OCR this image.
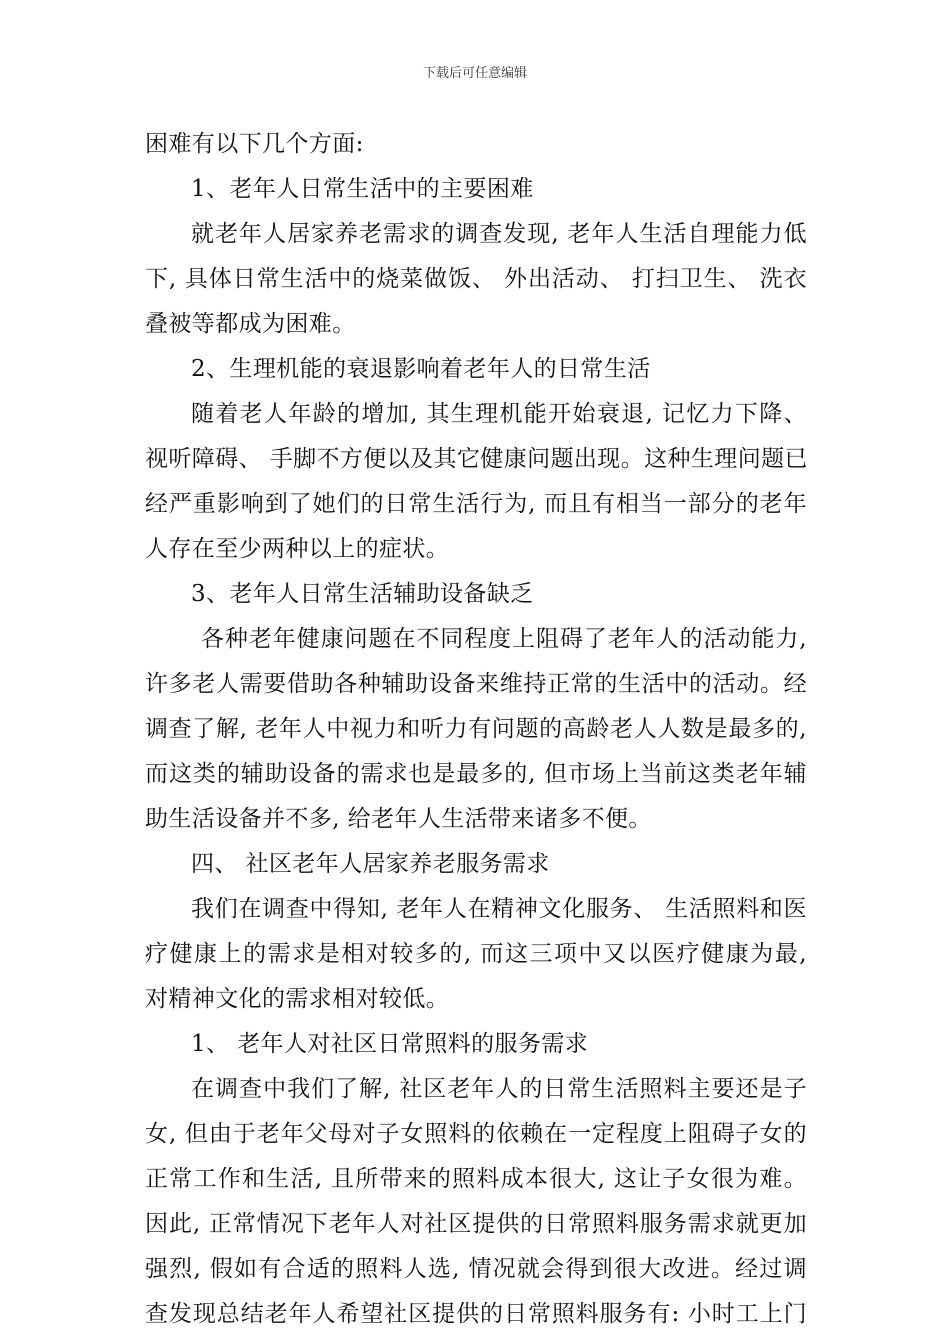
下载后可任意编辑
困难有以下几个方面:
1、老年人日常生活中的主要困难
就老年人居家养老需求的调查发现, 老年人生活自理能力低
下, 具体日常生活中的烧菜做饭、 外出活动、 打扫卫生、 洗衣
叠被等都成为困难。
2、生理机能的衰退影响着老年人的日常生活
随着老人年龄的增加, 其生理机能开始衰退, 记忆力下降、
视听障碍、 手脚不方便以及其它健康问题出现。这种生理问题已
经严重影响到了她们的日常生活行为, 而且有相当一部分的老年
人存在至少两种以上的症状。
3、老年人日常生活辅助设备缺乏
各种老年健康问题在不同程度上阻碍了老年人的活动能力,
许多老人需要借助各种辅助设备来维持正常的生活中的活动。经
调查了解, 老年人中视力和听力有问题的高龄老人人数是最多的,
而这类的辅助设备的需求也是最多的, 但市场上当前这类老年辅
助生活设备并不多, 给老年人生活带来诸多不便。
四、 社区老年人居家养老服务需求
我们在调查中得知, 老年人在精神文化服务、 生活照料和医
疗健康上的需求是相对较多的, 而这三项中又以医疗健康为最,
对精神文化的需求相对较低。
1、 老年人对社区日常照料的服务需求
在调查中我们了解, 社区老年人的日常生活照料主要还是子
女, 但由于老年父母对子女照料的依赖在一定程度上阻碍子女的
正常工作和生活, 且所带来的照料成本很大, 这让子女很为难。
因此, 正常情况下老年人对社区提供的日常照料服务需求就更加
强烈, 假如有合适的照料人选, 情况就会得到很大改进。经过调
查发现总结老年人希望社区提供的日常照料服务有: 小时工上门
